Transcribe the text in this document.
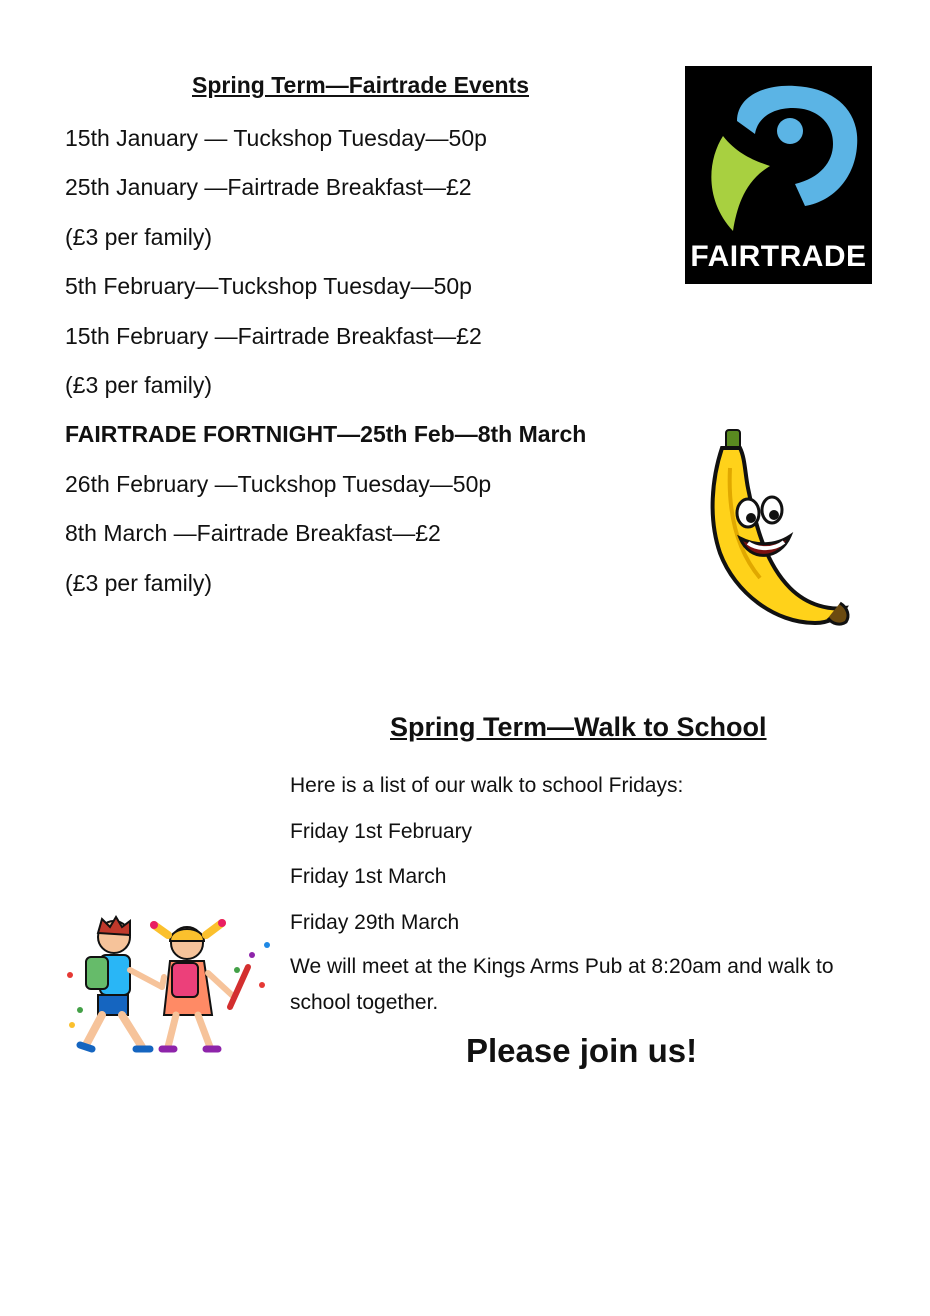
Spring Term—Fairtrade Events
15th January — Tuckshop Tuesday—50p
25th January —Fairtrade Breakfast—£2
(£3 per family)
5th February—Tuckshop Tuesday—50p
15th February —Fairtrade Breakfast—£2
(£3 per family)
FAIRTRADE FORTNIGHT—25th Feb—8th March
26th February —Tuckshop Tuesday—50p
8th March —Fairtrade Breakfast—£2
(£3 per family)
FAIRTRADE
Spring Term—Walk to School
Here is a list of our walk to school Fridays:
Friday 1st February
Friday 1st March
Friday 29th March
We will meet at the Kings Arms Pub at 8:20am and walk to school together.
Please join us!
